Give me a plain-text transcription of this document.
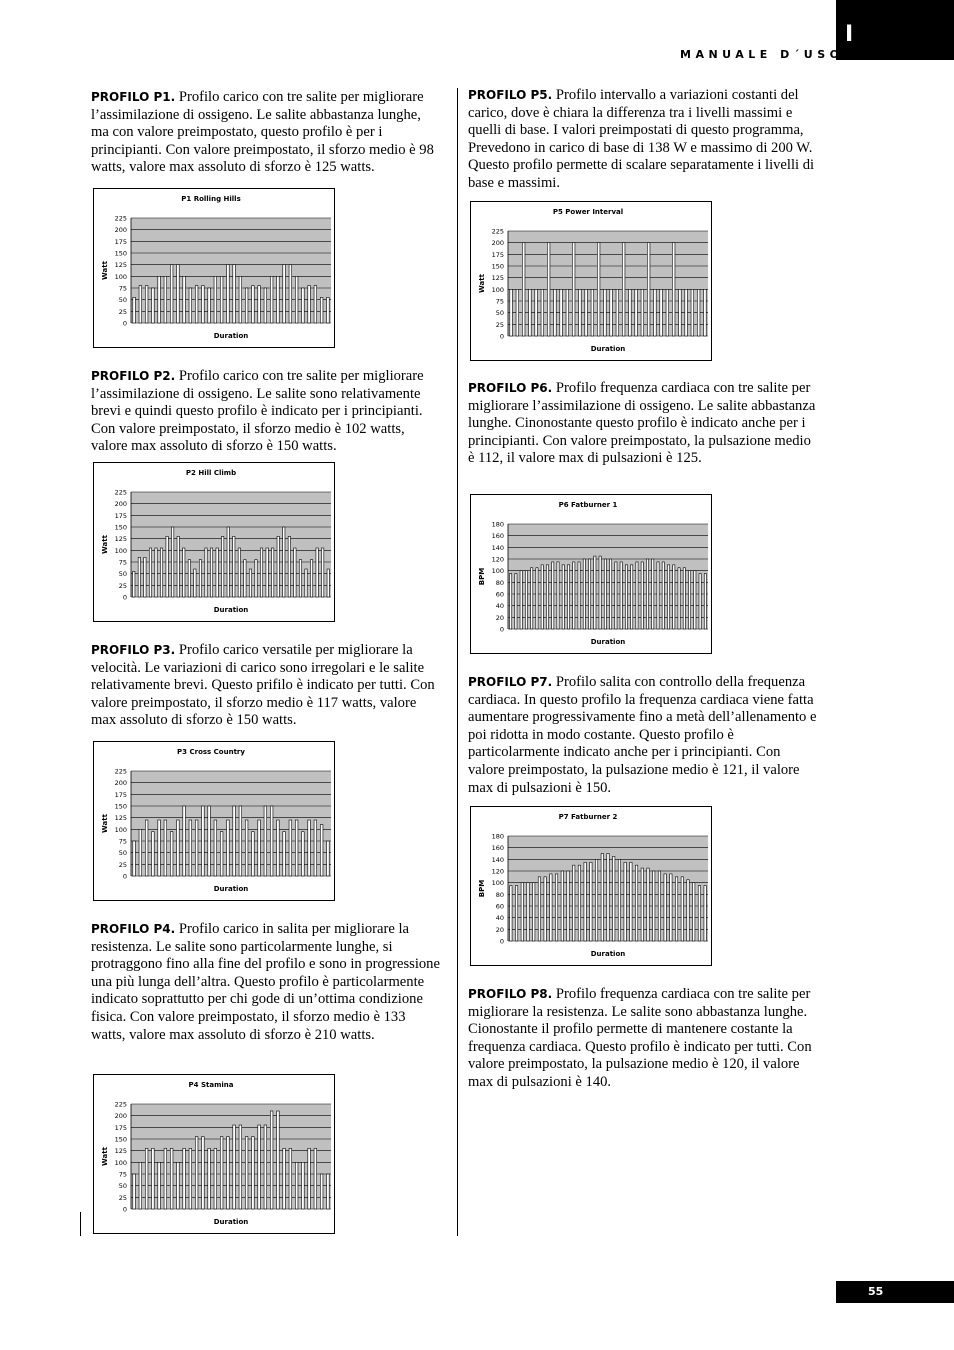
I
MANUALE D´USO
PROFILO P1. Profilo carico con tre salite per migliorare l’assimilazione di ossigeno. Le salite abbastanza lunghe, ma con valore preimpostato, questo profilo è per i principianti. Con valore preimpostato, il sforzo medio è 98 watts, valore max assoluto di sforzo è 125 watts.
P1 Rolling Hills
0
25
50
75
100
125
150
175
200
225
Watt
Duration
PROFILO P2. Profilo carico con tre salite per migliorare l’assimilazione di ossigeno. Le salite sono relativamente brevi e quindi questo profilo è indicato per i principianti. Con valore preimpostato, il sforzo medio è 102 watts, valore max assoluto di sforzo è 150 watts.
P2 Hill Climb
0
25
50
75
100
125
150
175
200
225
Watt
Duration
PROFILO P3. Profilo carico versatile per migliorare la velocità. Le variazioni di carico sono irregolari e le salite relativamente brevi. Questo prifilo è indicato per tutti. Con valore preimpostato, il sforzo medio è 117 watts, valore max assoluto di sforzo è 150 watts.
P3 Cross Country
0
25
50
75
100
125
150
175
200
225
Watt
Duration
PROFILO P4. Profilo carico in salita per migliorare la resistenza. Le salite sono particolarmente lunghe, si protraggono fino alla fine del profilo e sono in progressione una più lunga dell’altra. Questo profilo è particolarmente indicato soprattutto per chi gode di un’ottima condizione fisica. Con valore preimpostato, il sforzo medio è 133 watts, valore max assoluto di sforzo è 210 watts.
P4 Stamina
0
25
50
75
100
125
150
175
200
225
Watt
Duration
PROFILO P5. Profilo intervallo a variazioni costanti del carico, dove è chiara la differenza tra i livelli massimi e quelli di base. I valori preimpostati di questo programma, Prevedono in carico di base di 138 W e massimo di 200 W. Questo profilo permette di scalare separatamente i livelli di base e massimi.
P5 Power Interval
0
25
50
75
100
125
150
175
200
225
Watt
Duration
PROFILO P6. Profilo frequenza cardiaca con tre salite per migliorare l’assimilazione di ossigeno. Le salite abbastanza lunghe. Cinonostante questo profilo è indicato anche per i principianti. Con valore preimpostato, la pulsazione medio è 112, il valore max di pulsazioni è 125.
P6 Fatburner 1
0
20
40
60
80
100
120
140
160
180
BPM
Duration
PROFILO P7. Profilo salita con controllo della frequenza cardiaca. In questo profilo la frequenza cardiaca viene fatta aumentare progressivamente fino a metà dell’allenamento e poi ridotta in modo costante. Questo profilo è particolarmente indicato anche per i principianti. Con valore preimpostato, la pulsazione medio è 121, il valore max di pulsazioni è 150.
P7 Fatburner 2
0
20
40
60
80
100
120
140
160
180
BPM
Duration
PROFILO P8. Profilo frequenza cardiaca con tre salite per migliorare la resistenza. Le salite sono abbastanza lunghe. Cionostante il profilo permette di mantenere costante la frequenza cardiaca. Questo profilo è indicato per tutti. Con valore preimpostato, la pulsazione medio è 120, il valore max di pulsazioni è 140.
55
